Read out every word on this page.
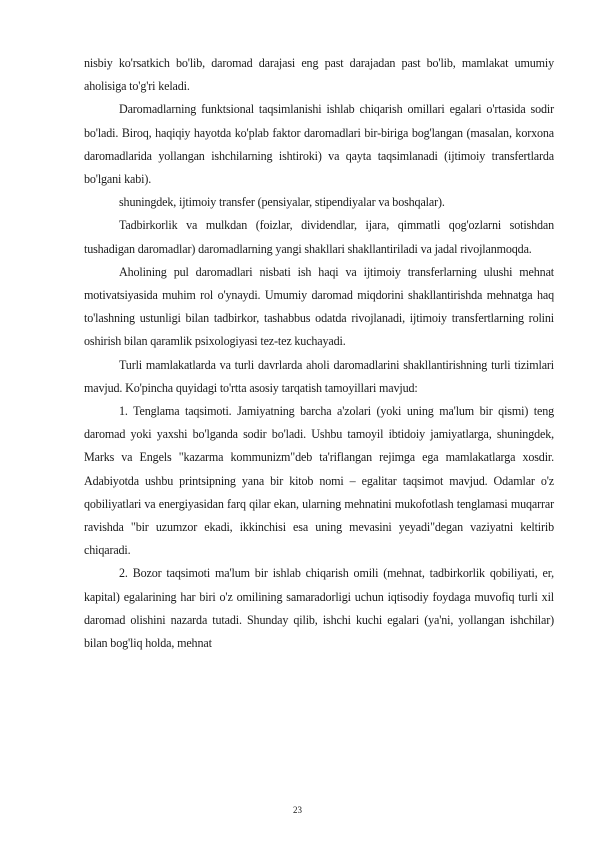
nisbiy ko'rsatkich bo'lib, daromad darajasi eng past darajadan past bo'lib, mamlakat umumiy aholisiga to'g'ri keladi.

Daromadlarning funktsional taqsimlanishi ishlab chiqarish omillari egalari o'rtasida sodir bo'ladi. Biroq, haqiqiy hayotda ko'plab faktor daromadlari bir-biriga bog'langan (masalan, korxona daromadlarida yollangan ishchilarning ishtiroki) va qayta taqsimlanadi (ijtimoiy transfertlarda bo'lgani kabi).

shuningdek, ijtimoiy transfer (pensiyalar, stipendiyalar va boshqalar).

Tadbirkorlik va mulkdan (foizlar, dividendlar, ijara, qimmatli qog'ozlarni sotishdan tushadigan daromadlar) daromadlarning yangi shakllari shakllantiriladi va jadal rivojlanmoqda.

Aholining pul daromadlari nisbati ish haqi va ijtimoiy transferlarning ulushi mehnat motivatsiyasida muhim rol o'ynaydi. Umumiy daromad miqdorini shakllantirishda mehnatga haq to'lashning ustunligi bilan tadbirkor, tashabbus odatda rivojlanadi, ijtimoiy transfertlarning rolini oshirish bilan qaramlik psixologiyasi tez-tez kuchayadi.

Turli mamlakatlarda va turli davrlarda aholi daromadlarini shakllantirishning turli tizimlari mavjud. Ko'pincha quyidagi to'rtta asosiy tarqatish tamoyillari mavjud:

1. Tenglama taqsimoti. Jamiyatning barcha a'zolari (yoki uning ma'lum bir qismi) teng daromad yoki yaxshi bo'lganda sodir bo'ladi. Ushbu tamoyil ibtidoiy jamiyatlarga, shuningdek, Marks va Engels "kazarma kommunizm"deb ta'riflangan rejimga ega mamlakatlarga xosdir. Adabiyotda ushbu printsipning yana bir kitob nomi – egalitar taqsimot mavjud. Odamlar o'z qobiliyatlari va energiyasidan farq qilar ekan, ularning mehnatini mukofotlash tenglamasi muqarrar ravishda "bir uzumzor ekadi, ikkinchisi esa uning mevasini yeyadi"degan vaziyatni keltirib chiqaradi.

2. Bozor taqsimoti ma'lum bir ishlab chiqarish omili (mehnat, tadbirkorlik qobiliyati, er, kapital) egalarining har biri o'z omilining samaradorligi uchun iqtisodiy foydaga muvofiq turli xil daromad olishini nazarda tutadi. Shunday qilib, ishchi kuchi egalari (ya'ni, yollangan ishchilar) bilan bog'liq holda, mehnat

23
